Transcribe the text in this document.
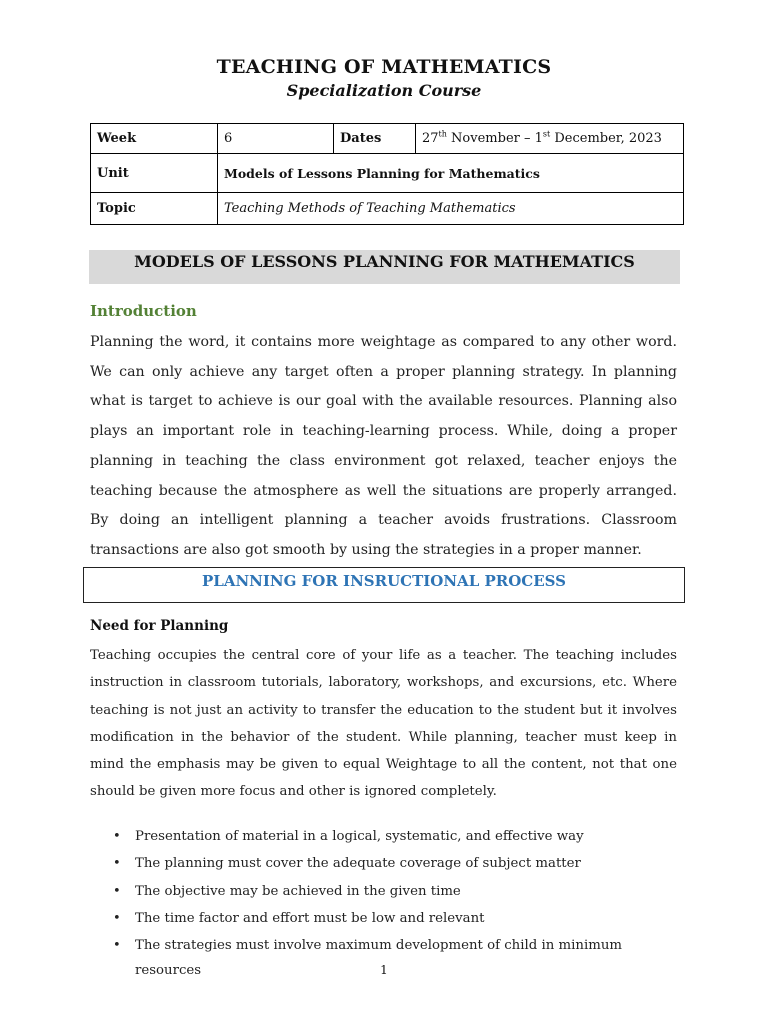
TEACHING OF MATHEMATICS
Specialization Course
Week	6	Dates	27th November – 1st December, 2023
Unit	Models of Lessons Planning for Mathematics		
Topic	Teaching Methods of Teaching Mathematics		
MODELS OF LESSONS PLANNING FOR MATHEMATICS
Introduction
Planning the word, it contains more weightage as compared to any other word. We can only achieve any target often a proper planning strategy. In planning what is target to achieve is our goal with the available resources. Planning also plays an important role in teaching-learning process. While, doing a proper planning in teaching the class environment got relaxed, teacher enjoys the teaching because the atmosphere as well the situations are properly arranged. By doing an intelligent planning a teacher avoids frustrations. Classroom transactions are also got smooth by using the strategies in a proper manner.
PLANNING FOR INSRUCTIONAL PROCESS
Need for Planning
Teaching occupies the central core of your life as a teacher. The teaching includes instruction in classroom tutorials, laboratory, workshops, and excursions, etc. Where teaching is not just an activity to transfer the education to the student but it involves modification in the behavior of the student. While planning, teacher must keep in mind the emphasis may be given to equal Weightage to all the content, not that one should be given more focus and other is ignored completely.
• Presentation of material in a logical, systematic, and effective way
• The planning must cover the adequate coverage of subject matter
• The objective may be achieved in the given time
• The time factor and effort must be low and relevant
• The strategies must involve maximum development of child in minimum resources	1
